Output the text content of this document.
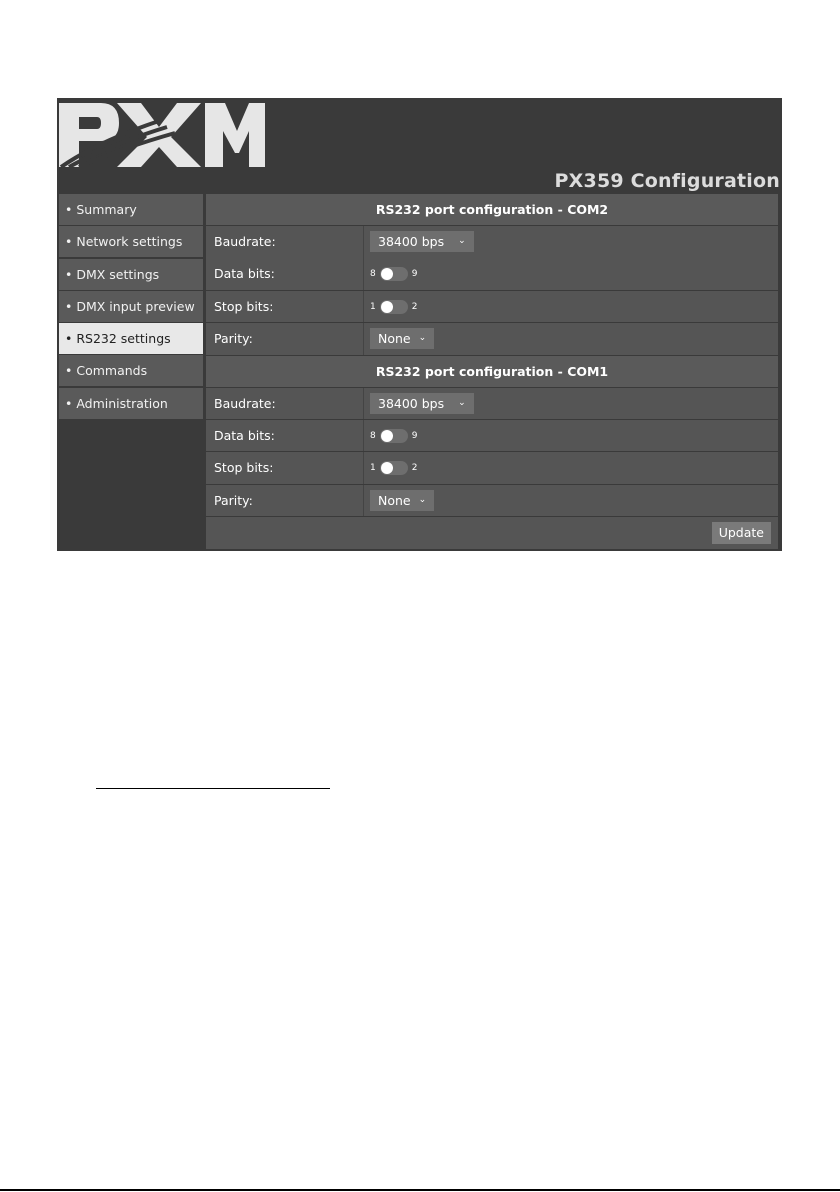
PX359 Configuration
• Summary
• Network settings
• DMX settings
• DMX input preview
• RS232 settings
• Commands
• Administration
RS232 port configuration - COM2
Baudrate:	38400 bps ⌄
Data bits:	8	9
Stop bits:	1	2
Parity:	None ⌄
RS232 port configuration - COM1
Baudrate:	38400 bps ⌄
Data bits:	8	9
Stop bits:	1	2
Parity:	None ⌄
Update
